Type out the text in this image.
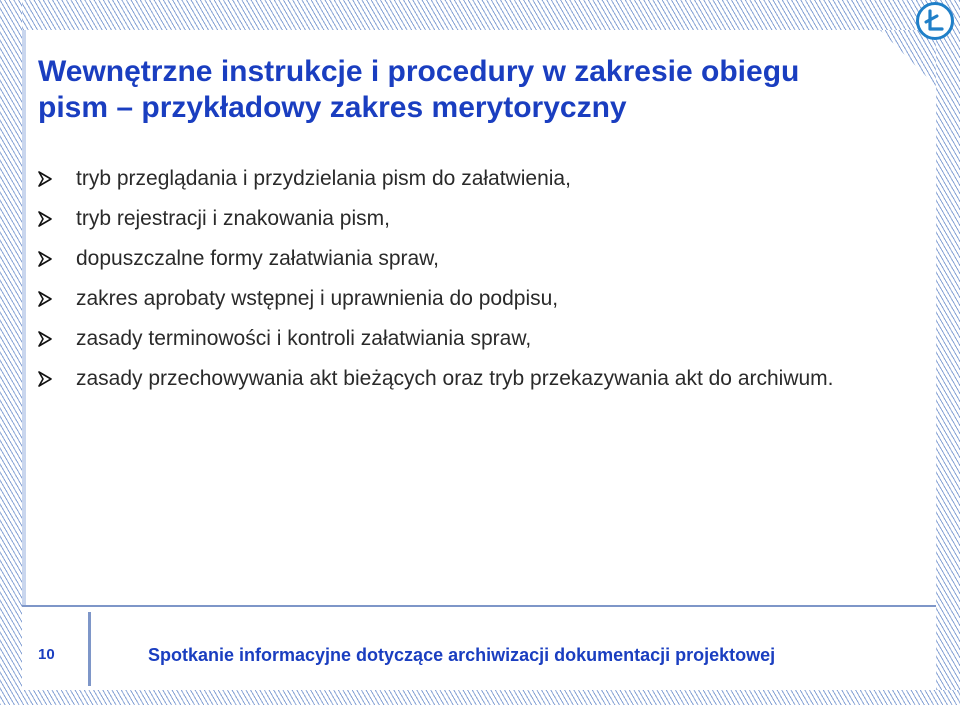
Wewnętrzne instrukcje i procedury w zakresie obiegu
pism – przykładowy zakres merytoryczny
tryb przeglądania i przydzielania pism do załatwienia,
tryb rejestracji i znakowania pism,
dopuszczalne formy załatwiania spraw,
zakres aprobaty wstępnej i uprawnienia do podpisu,
zasady terminowości i kontroli załatwiania spraw,
zasady przechowywania akt bieżących oraz tryb przekazywania akt do archiwum.
10	Spotkanie informacyjne dotyczące archiwizacji dokumentacji projektowej
